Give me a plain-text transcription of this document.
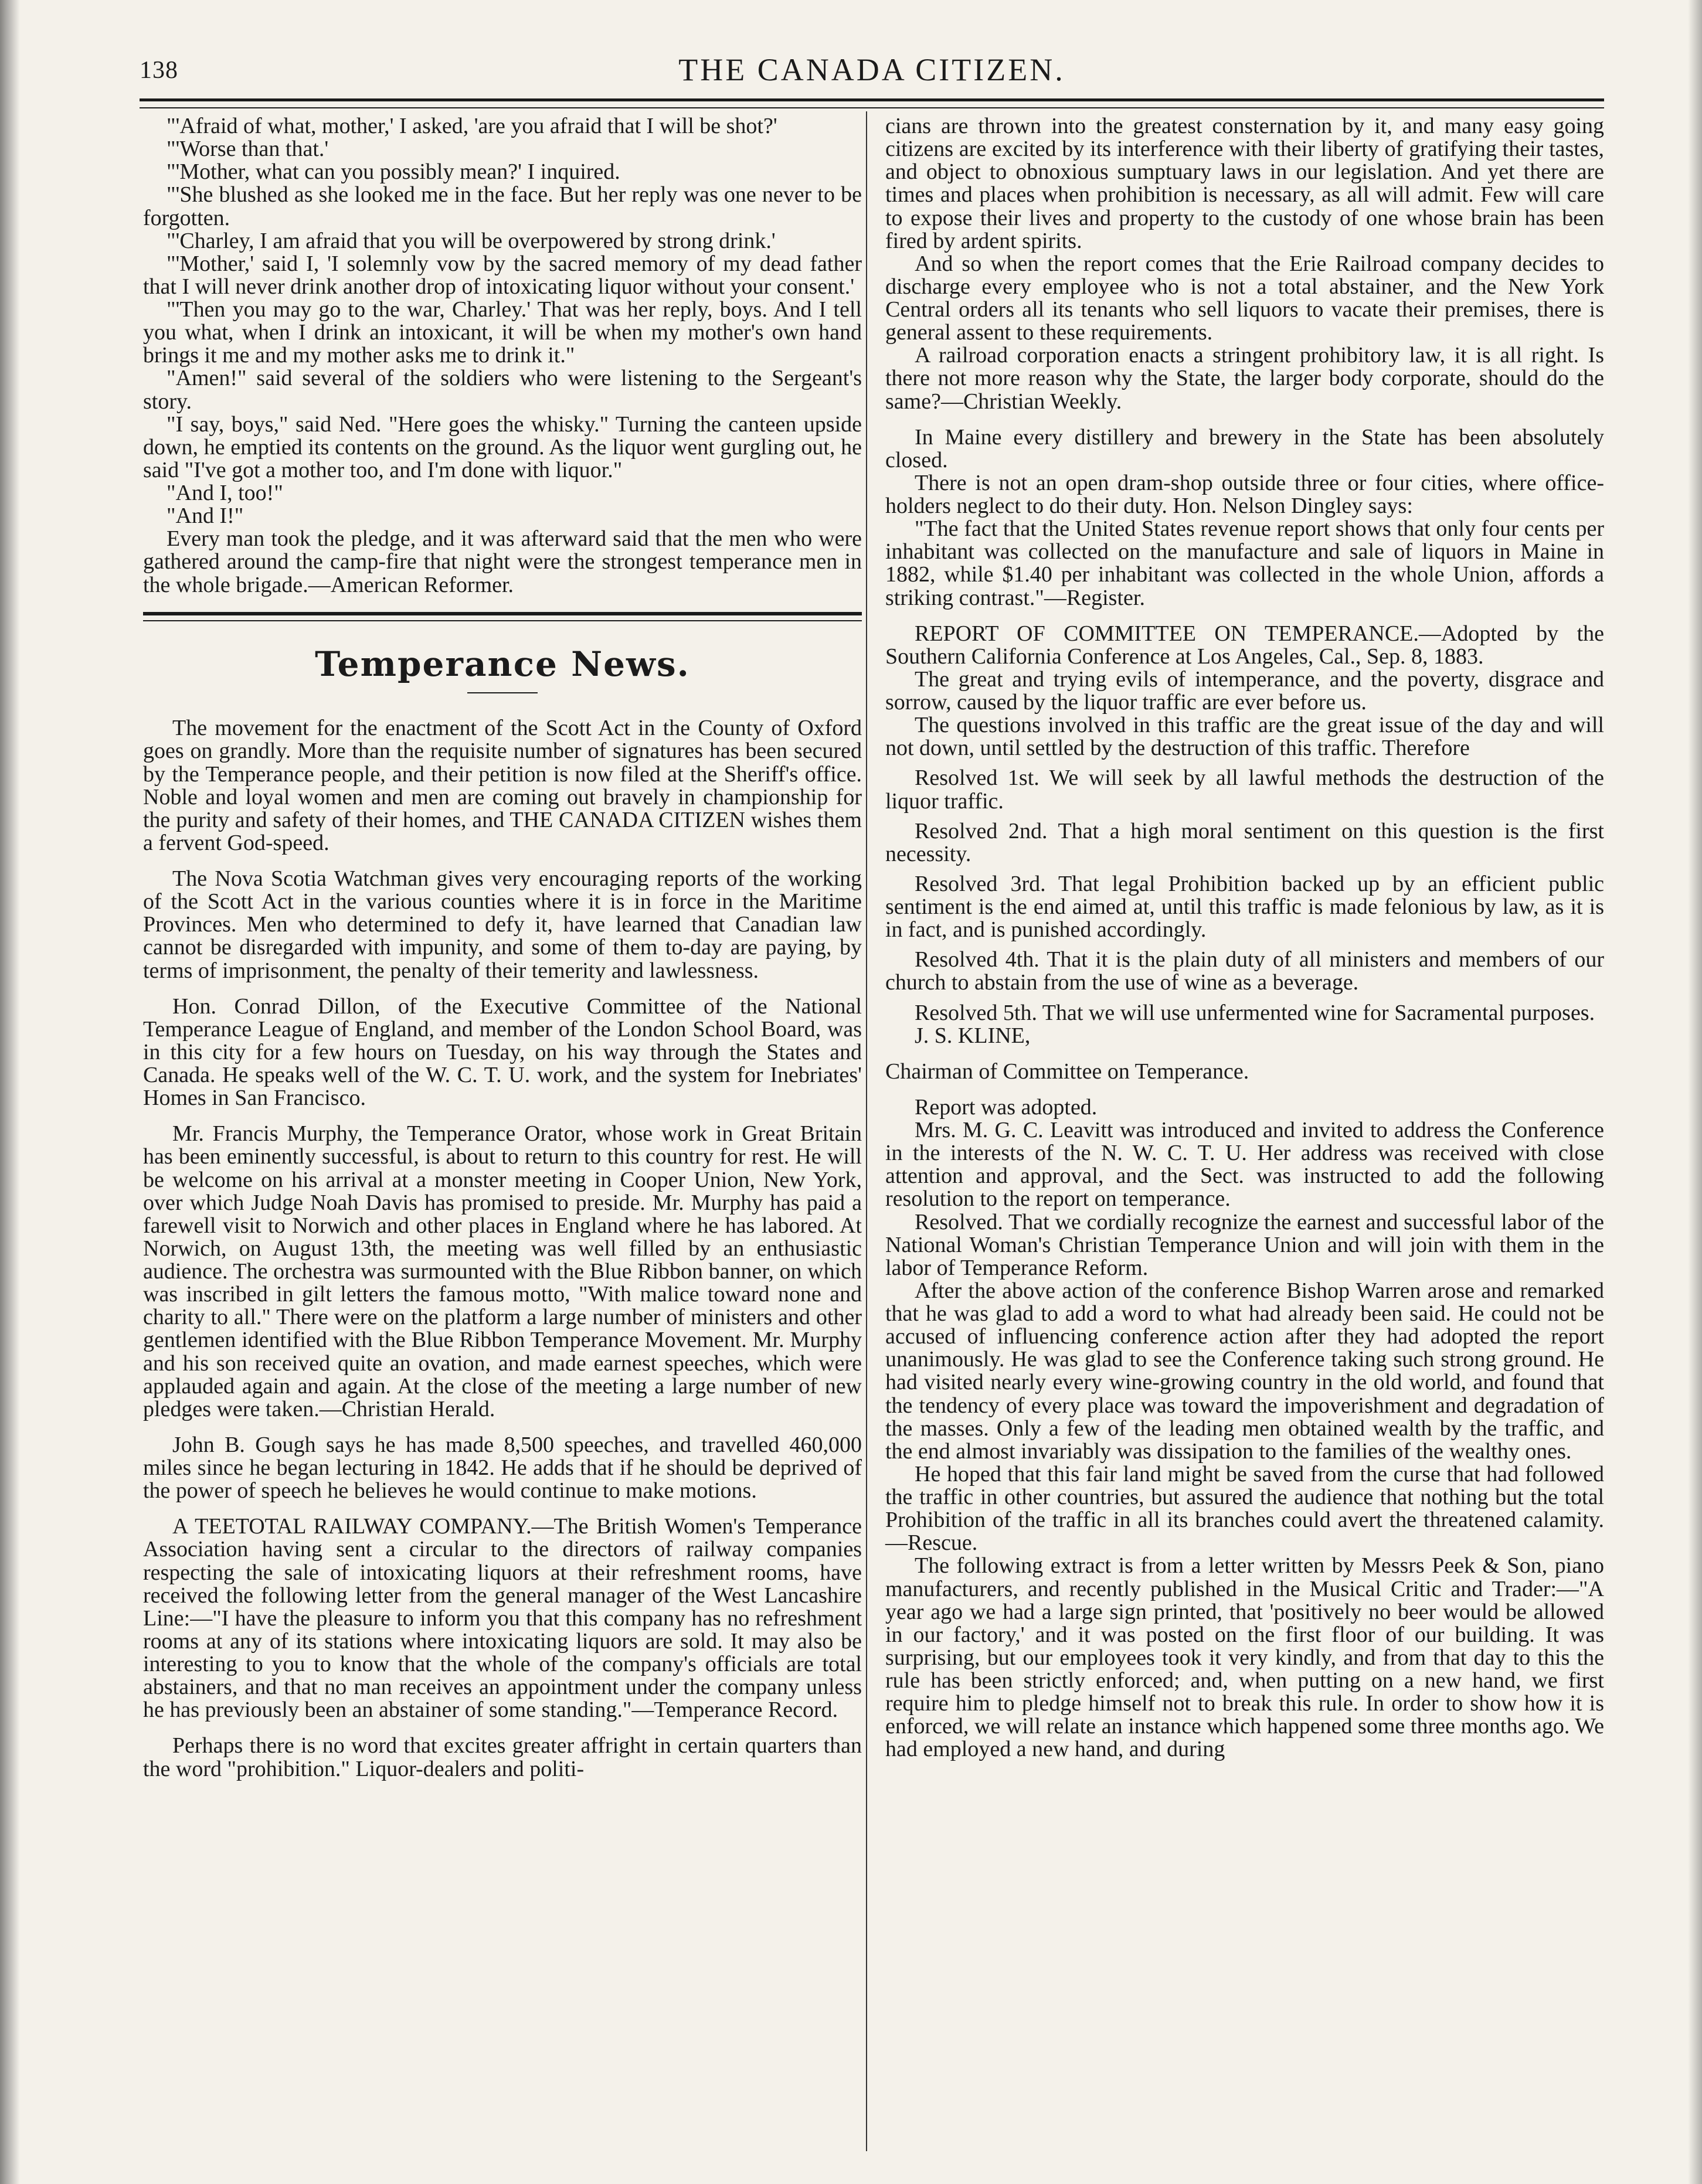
138	THE CANADA CITIZEN.

"'Afraid of what, mother,' I asked, 'are you afraid that I will be shot?'

"'Worse than that.'

"'Mother, what can you possibly mean?' I inquired.

"'She blushed as she looked me in the face. But her reply was one never to be forgotten.

"'Charley, I am afraid that you will be overpowered by strong drink.'

"'Mother,' said I, 'I solemnly vow by the sacred memory of my dead father that I will never drink another drop of intoxicating liquor without your consent.'

"'Then you may go to the war, Charley.' That was her reply, boys. And I tell you what, when I drink an intoxicant, it will be when my mother's own hand brings it me and my mother asks me to drink it."

"Amen!" said several of the soldiers who were listening to the Sergeant's story.

"I say, boys," said Ned. "Here goes the whisky." Turning the canteen upside down, he emptied its contents on the ground. As the liquor went gurgling out, he said "I've got a mother too, and I'm done with liquor."

"And I, too!"

"And I!"

Every man took the pledge, and it was afterward said that the men who were gathered around the camp-fire that night were the strongest temperance men in the whole brigade.—American Reformer.

Temperance News.

The movement for the enactment of the Scott Act in the County of Oxford goes on grandly. More than the requisite number of signatures has been secured by the Temperance people, and their petition is now filed at the Sheriff's office. Noble and loyal women and men are coming out bravely in championship for the purity and safety of their homes, and THE CANADA CITIZEN wishes them a fervent God-speed.

The Nova Scotia Watchman gives very encouraging reports of the working of the Scott Act in the various counties where it is in force in the Maritime Provinces. Men who determined to defy it, have learned that Canadian law cannot be disregarded with impunity, and some of them to-day are paying, by terms of imprisonment, the penalty of their temerity and lawlessness.

Hon. Conrad Dillon, of the Executive Committee of the National Temperance League of England, and member of the London School Board, was in this city for a few hours on Tuesday, on his way through the States and Canada. He speaks well of the W. C. T. U. work, and the system for Inebriates' Homes in San Francisco.

Mr. Francis Murphy, the Temperance Orator, whose work in Great Britain has been eminently successful, is about to return to this country for rest. He will be welcome on his arrival at a monster meeting in Cooper Union, New York, over which Judge Noah Davis has promised to preside. Mr. Murphy has paid a farewell visit to Norwich and other places in England where he has labored. At Norwich, on August 13th, the meeting was well filled by an enthusiastic audience. The orchestra was surmounted with the Blue Ribbon banner, on which was inscribed in gilt letters the famous motto, "With malice toward none and charity to all." There were on the platform a large number of ministers and other gentlemen identified with the Blue Ribbon Temperance Movement. Mr. Murphy and his son received quite an ovation, and made earnest speeches, which were applauded again and again. At the close of the meeting a large number of new pledges were taken.—Christian Herald.

John B. Gough says he has made 8,500 speeches, and travelled 460,000 miles since he began lecturing in 1842. He adds that if he should be deprived of the power of speech he believes he would continue to make motions.

A TEETOTAL RAILWAY COMPANY.—The British Women's Temperance Association having sent a circular to the directors of railway companies respecting the sale of intoxicating liquors at their refreshment rooms, have received the following letter from the general manager of the West Lancashire Line:—"I have the pleasure to inform you that this company has no refreshment rooms at any of its stations where intoxicating liquors are sold. It may also be interesting to you to know that the whole of the company's officials are total abstainers, and that no man receives an appointment under the company unless he has previously been an abstainer of some standing."—Temperance Record.

Perhaps there is no word that excites greater affright in certain quarters than the word "prohibition." Liquor-dealers and politi-

cians are thrown into the greatest consternation by it, and many easy going citizens are excited by its interference with their liberty of gratifying their tastes, and object to obnoxious sumptuary laws in our legislation. And yet there are times and places when prohibition is necessary, as all will admit. Few will care to expose their lives and property to the custody of one whose brain has been fired by ardent spirits.

And so when the report comes that the Erie Railroad company decides to discharge every employee who is not a total abstainer, and the New York Central orders all its tenants who sell liquors to vacate their premises, there is general assent to these requirements.

A railroad corporation enacts a stringent prohibitory law, it is all right. Is there not more reason why the State, the larger body corporate, should do the same?—Christian Weekly.

In Maine every distillery and brewery in the State has been absolutely closed.

There is not an open dram-shop outside three or four cities, where office-holders neglect to do their duty. Hon. Nelson Dingley says:

"The fact that the United States revenue report shows that only four cents per inhabitant was collected on the manufacture and sale of liquors in Maine in 1882, while $1.40 per inhabitant was collected in the whole Union, affords a striking contrast."—Register.

REPORT OF COMMITTEE ON TEMPERANCE.—Adopted by the Southern California Conference at Los Angeles, Cal., Sep. 8, 1883.

The great and trying evils of intemperance, and the poverty, disgrace and sorrow, caused by the liquor traffic are ever before us.

The questions involved in this traffic are the great issue of the day and will not down, until settled by the destruction of this traffic. Therefore

Resolved 1st. We will seek by all lawful methods the destruction of the liquor traffic.

Resolved 2nd. That a high moral sentiment on this question is the first necessity.

Resolved 3rd. That legal Prohibition backed up by an efficient public sentiment is the end aimed at, until this traffic is made felonious by law, as it is in fact, and is punished accordingly.

Resolved 4th. That it is the plain duty of all ministers and members of our church to abstain from the use of wine as a beverage.

Resolved 5th. That we will use unfermented wine for Sacramental purposes.

J. S. KLINE,

Chairman of Committee on Temperance.

Report was adopted.

Mrs. M. G. C. Leavitt was introduced and invited to address the Conference in the interests of the N. W. C. T. U. Her address was received with close attention and approval, and the Sect. was instructed to add the following resolution to the report on temperance.

Resolved. That we cordially recognize the earnest and successful labor of the National Woman's Christian Temperance Union and will join with them in the labor of Temperance Reform.

After the above action of the conference Bishop Warren arose and remarked that he was glad to add a word to what had already been said. He could not be accused of influencing conference action after they had adopted the report unanimously. He was glad to see the Conference taking such strong ground. He had visited nearly every wine-growing country in the old world, and found that the tendency of every place was toward the impoverishment and degradation of the masses. Only a few of the leading men obtained wealth by the traffic, and the end almost invariably was dissipation to the families of the wealthy ones.

He hoped that this fair land might be saved from the curse that had followed the traffic in other countries, but assured the audience that nothing but the total Prohibition of the traffic in all its branches could avert the threatened calamity.—Rescue.

The following extract is from a letter written by Messrs Peek & Son, piano manufacturers, and recently published in the Musical Critic and Trader:—"A year ago we had a large sign printed, that 'positively no beer would be allowed in our factory,' and it was posted on the first floor of our building. It was surprising, but our employees took it very kindly, and from that day to this the rule has been strictly enforced; and, when putting on a new hand, we first require him to pledge himself not to break this rule. In order to show how it is enforced, we will relate an instance which happened some three months ago. We had employed a new hand, and during
